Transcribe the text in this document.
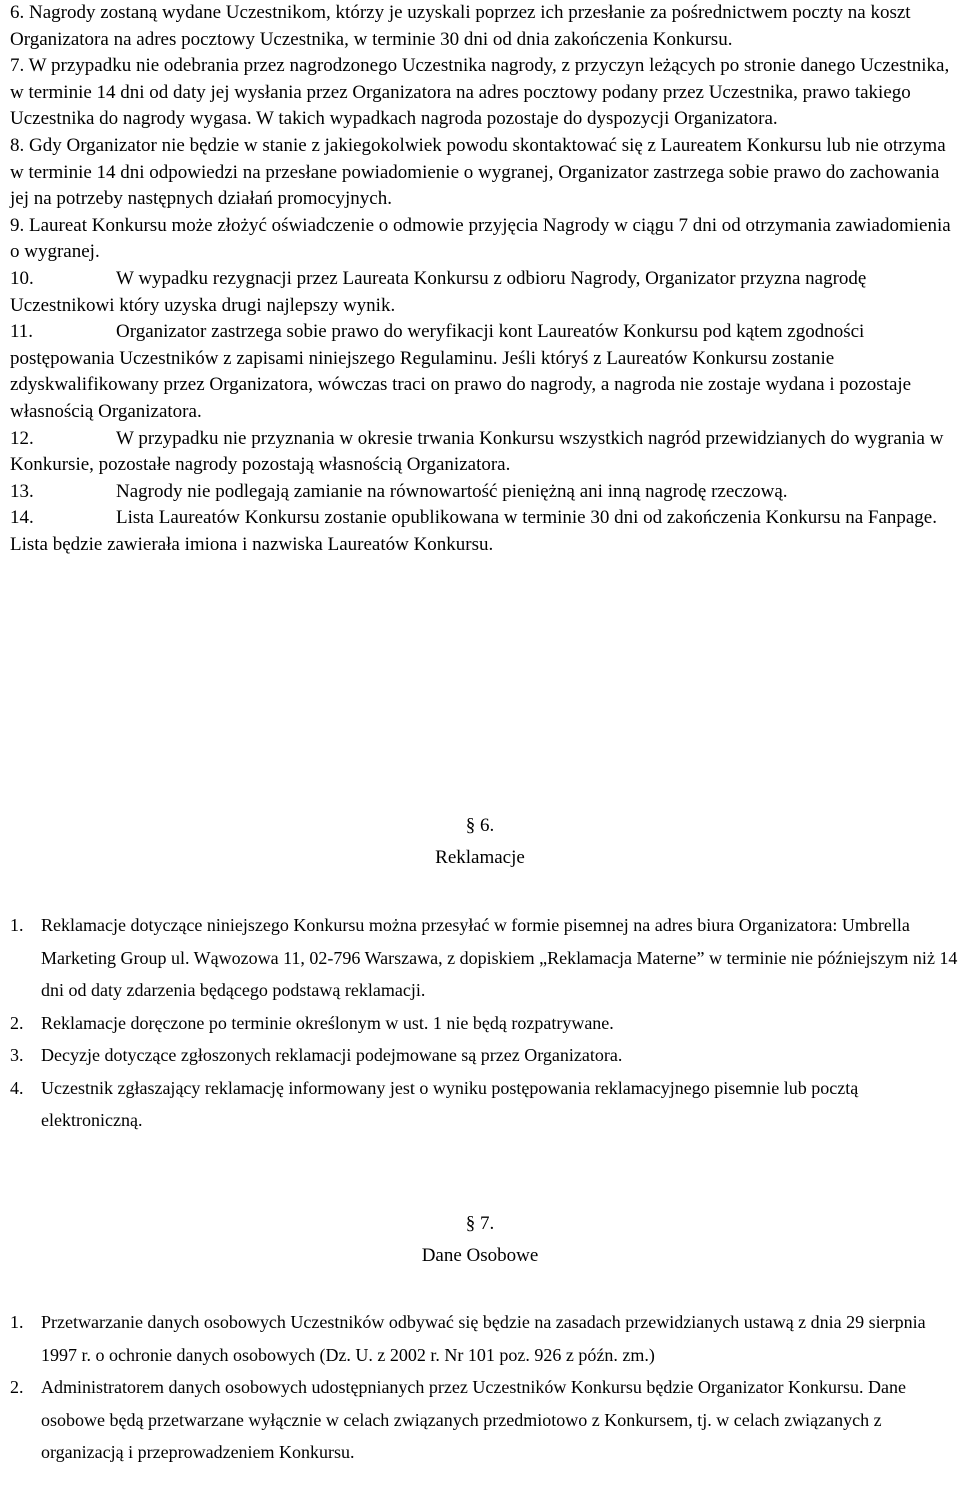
6. Nagrody zostaną wydane Uczestnikom, którzy je uzyskali poprzez ich przesłanie za pośrednictwem poczty na koszt Organizatora na adres pocztowy Uczestnika, w terminie 30 dni od dnia zakończenia Konkursu.

7. W przypadku nie odebrania przez nagrodzonego Uczestnika nagrody, z przyczyn leżących po stronie danego Uczestnika, w terminie 14 dni od daty jej wysłania przez Organizatora na adres pocztowy podany przez Uczestnika, prawo takiego Uczestnika do nagrody wygasa. W takich wypadkach nagroda pozostaje do dyspozycji Organizatora.

8. Gdy Organizator nie będzie w stanie z jakiegokolwiek powodu skontaktować się z Laureatem Konkursu lub nie otrzyma w terminie 14 dni odpowiedzi na przesłane powiadomienie o wygranej, Organizator zastrzega sobie prawo do zachowania jej na potrzeby następnych działań promocyjnych.

9. Laureat Konkursu może złożyć oświadczenie o odmowie przyjęcia Nagrody w ciągu 7 dni od otrzymania zawiadomienia o wygranej.

10.	W wypadku rezygnacji przez Laureata Konkursu z odbioru Nagrody, Organizator przyzna nagrodę Uczestnikowi który uzyska drugi najlepszy wynik.

11.	Organizator zastrzega sobie prawo do weryfikacji kont Laureatów Konkursu pod kątem zgodności postępowania Uczestników z zapisami niniejszego Regulaminu. Jeśli któryś z Laureatów Konkursu zostanie zdyskwalifikowany przez Organizatora, wówczas traci on prawo do nagrody, a nagroda nie zostaje wydana i pozostaje własnością Organizatora.

12.	W przypadku nie przyznania w okresie trwania Konkursu wszystkich nagród przewidzianych do wygrania w Konkursie, pozostałe nagrody pozostają własnością Organizatora.

13.	Nagrody nie podlegają zamianie na równowartość pieniężną ani inną nagrodę rzeczową.

14.	Lista Laureatów Konkursu zostanie opublikowana w terminie 30 dni od zakończenia Konkursu na Fanpage. Lista będzie zawierała imiona i nazwiska Laureatów Konkursu.

§ 6.
Reklamacje
1. Reklamacje dotyczące niniejszego Konkursu można przesyłać w formie pisemnej na adres biura Organizatora: Umbrella Marketing Group ul. Wąwozowa 11, 02-796 Warszawa, z dopiskiem „Reklamacja Materne” w terminie nie późniejszym niż 14 dni od daty zdarzenia będącego podstawą reklamacji.
2. Reklamacje doręczone po terminie określonym w ust. 1 nie będą rozpatrywane.
3. Decyzje dotyczące zgłoszonych reklamacji podejmowane są przez Organizatora.
4. Uczestnik zgłaszający reklamację informowany jest o wyniku postępowania reklamacyjnego pisemnie lub pocztą elektroniczną.
§ 7.
Dane Osobowe
1. Przetwarzanie danych osobowych Uczestników odbywać się będzie na zasadach przewidzianych ustawą z dnia 29 sierpnia 1997 r. o ochronie danych osobowych (Dz. U. z 2002 r. Nr 101 poz. 926 z późn. zm.)
2. Administratorem danych osobowych udostępnianych przez Uczestników Konkursu będzie Organizator Konkursu. Dane osobowe będą przetwarzane wyłącznie w celach związanych przedmiotowo z Konkursem, tj. w celach związanych z organizacją i przeprowadzeniem Konkursu.
